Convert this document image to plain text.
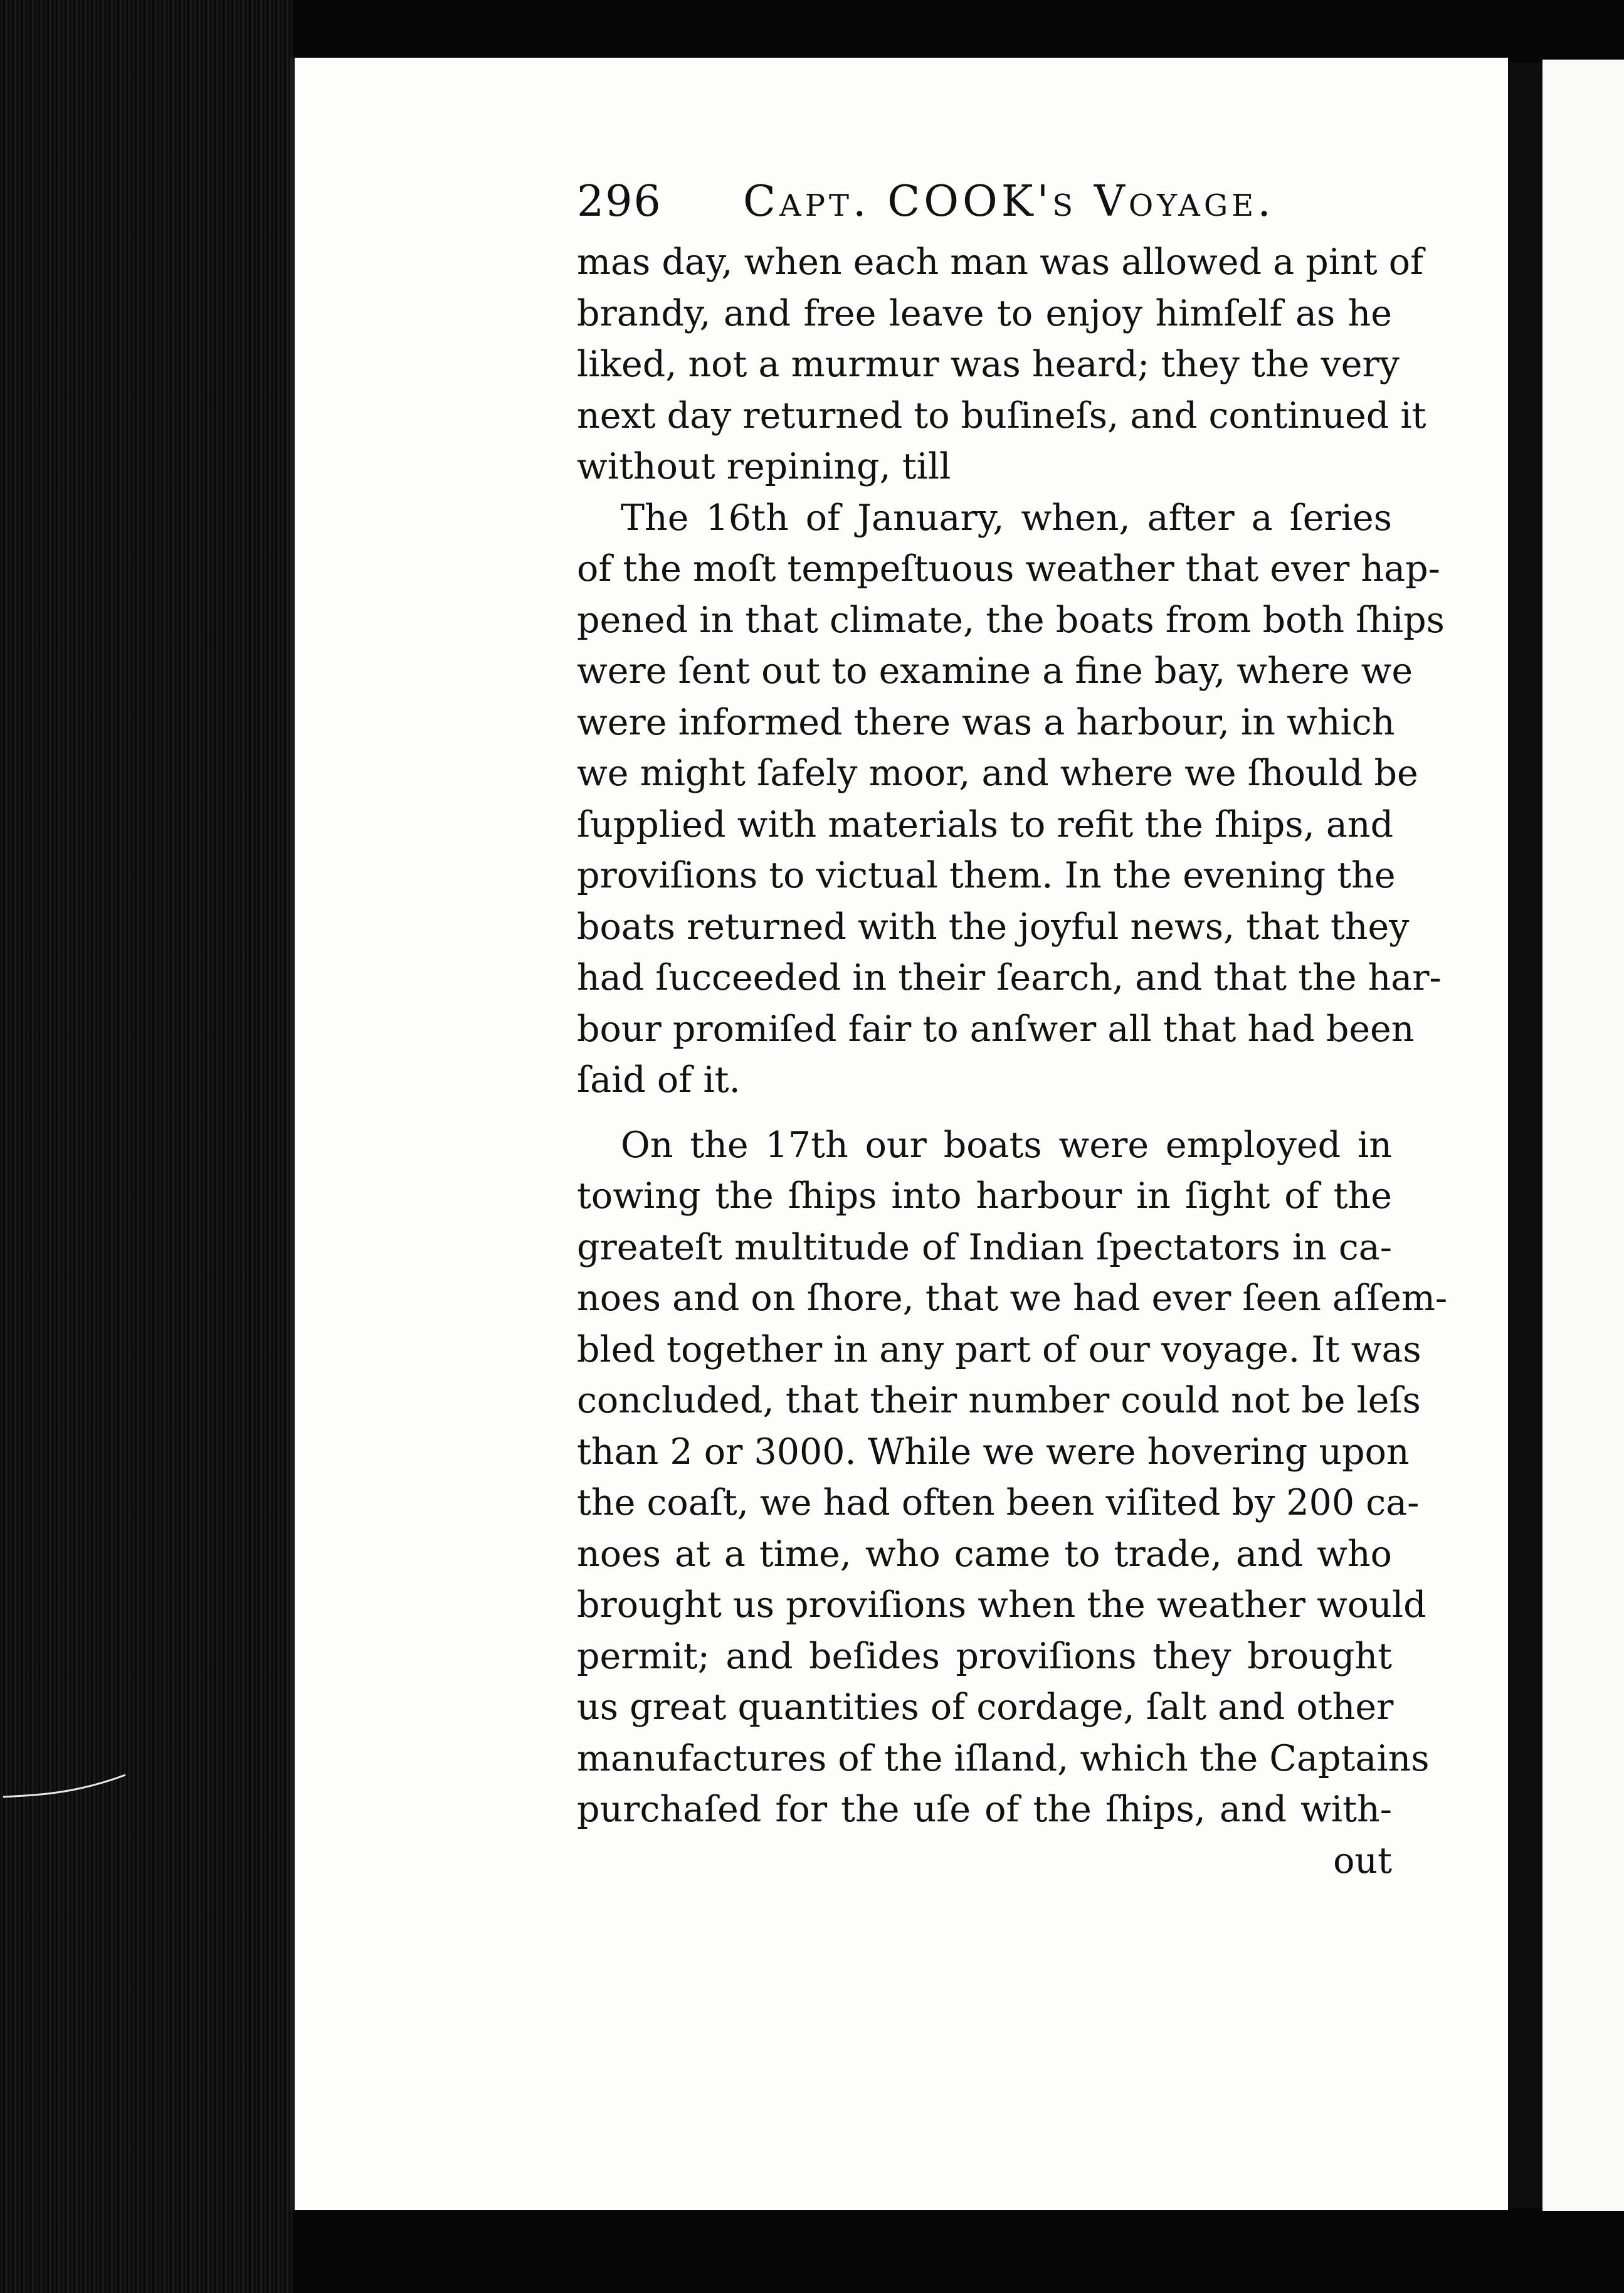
296 Capt. COOK's Voyage.
mas day, when each man was allowed a pint of
brandy, and free leave to enjoy himſelf as he
liked, not a murmur was heard; they the very
next day returned to buſineſs, and continued it
without repining, till
The 16th of January, when, after a ſeries
of the moſt tempeſtuous weather that ever hap-
pened in that climate, the boats from both ſhips
were ſent out to examine a fine bay, where we
were informed there was a harbour, in which
we might ſafely moor, and where we ſhould be
ſupplied with materials to refit the ſhips, and
proviſions to victual them. In the evening the
boats returned with the joyful news, that they
had ſucceeded in their ſearch, and that the har-
bour promiſed fair to anſwer all that had been
ſaid of it.
On the 17th our boats were employed in
towing the ſhips into harbour in ſight of the
greateſt multitude of Indian ſpectators in ca-
noes and on ſhore, that we had ever ſeen aſſem-
bled together in any part of our voyage. It was
concluded, that their number could not be leſs
than 2 or 3000. While we were hovering upon
the coaſt, we had often been viſited by 200 ca-
noes at a time, who came to trade, and who
brought us proviſions when the weather would
permit; and beſides proviſions they brought
us great quantities of cordage, ſalt and other
manufactures of the iſland, which the Captains
purchaſed for the uſe of the ſhips, and with-
out
